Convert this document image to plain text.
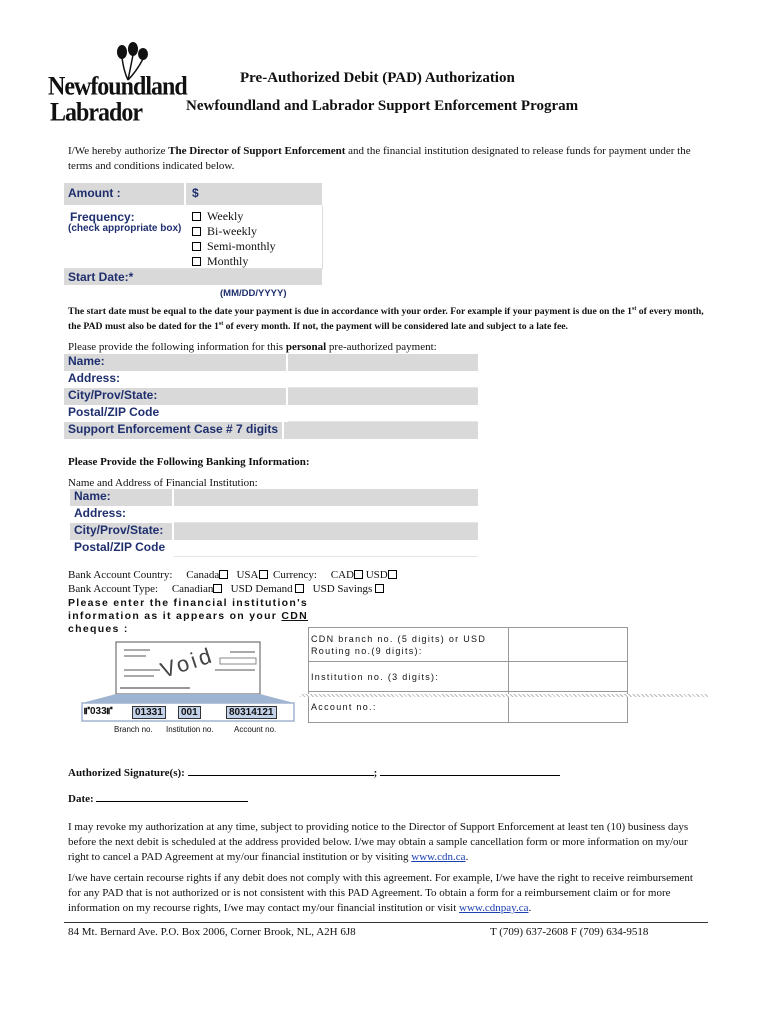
Newfoundland
Labrador
Pre-Authorized Debit (PAD) Authorization
Newfoundland and Labrador Support Enforcement Program
I/We hereby authorize The Director of Support Enforcement and the financial institution designated to release funds for payment under the terms and conditions indicated below.
Amount :	$
Frequency:
(check appropriate box)
Weekly
Bi-weekly
Semi-monthly
Monthly
Start Date:*
(MM/DD/YYYY)
The start date must be equal to the date your payment is due in accordance with your order. For example if your payment is due on the 1st of every month, the PAD must also be dated for the 1st of every month. If not, the payment will be considered late and subject to a late fee.
Please provide the following information for this personal pre-authorized payment:
Name:
Address:
City/Prov/State:
Postal/ZIP Code
Support Enforcement Case # 7 digits
Please Provide the Following Banking Information:
Name and Address of Financial Institution:
Name:
Address:
City/Prov/State:
Postal/ZIP Code
Bank Account Country: Canada USA Currency: CAD USD
Bank Account Type: Canadian USD Demand USD Savings
Please enter the financial institution's
information as it appears on your CDN
cheques :
CDN branch no. (5 digits) or USD
Routing no.(9 digits):
Institution no. (3 digits):
Account no.:
Void
⑈033⑈	01331	001	80314121
Branch no. Institution no.	Account no.
Authorized Signature(s):	;
Date:
I may revoke my authorization at any time, subject to providing notice to the Director of Support Enforcement at least ten (10) business days before the next debit is scheduled at the address provided below. I/we may obtain a sample cancellation form or more information on my/our right to cancel a PAD Agreement at my/our financial institution or by visiting www.cdn.ca.
I/we have certain recourse rights if any debit does not comply with this agreement. For example, I/we have the right to receive reimbursement for any PAD that is not authorized or is not consistent with this PAD Agreement. To obtain a form for a reimbursement claim or for more information on my recourse rights, I/we may contact my/our financial institution or visit www.cdnpay.ca.
84 Mt. Bernard Ave. P.O. Box 2006, Corner Brook, NL, A2H 6J8	T (709) 637-2608 F (709) 634-9518
